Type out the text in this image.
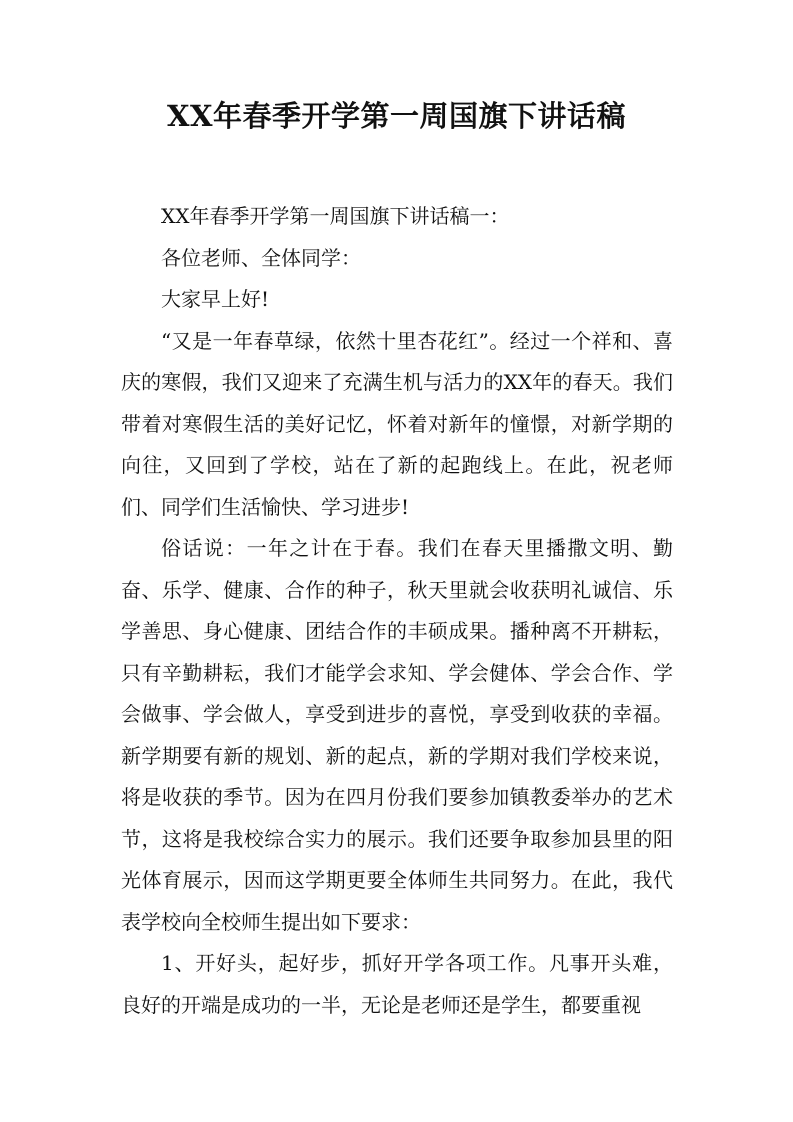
XX年春季开学第一周国旗下讲话稿

XX年春季开学第一周国旗下讲话稿一：

各位老师、全体同学：

大家早上好!

“又是一年春草绿，依然十里杏花红”。经过一个祥和、喜庆的寒假，我们又迎来了充满生机与活力的XX年的春天。我们带着对寒假生活的美好记忆，怀着对新年的憧憬，对新学期的向往，又回到了学校，站在了新的起跑线上。在此，祝老师们、同学们生活愉快、学习进步!

俗话说：一年之计在于春。我们在春天里播撒文明、勤奋、乐学、健康、合作的种子，秋天里就会收获明礼诚信、乐学善思、身心健康、团结合作的丰硕成果。播种离不开耕耘，只有辛勤耕耘，我们才能学会求知、学会健体、学会合作、学会做事、学会做人，享受到进步的喜悦，享受到收获的幸福。新学期要有新的规划、新的起点，新的学期对我们学校来说，将是收获的季节。因为在四月份我们要参加镇教委举办的艺术节，这将是我校综合实力的展示。我们还要争取参加县里的阳光体育展示，因而这学期更要全体师生共同努力。在此，我代表学校向全校师生提出如下要求：

1、开好头，起好步，抓好开学各项工作。凡事开头难，良好的开端是成功的一半，无论是老师还是学生，都要重视
